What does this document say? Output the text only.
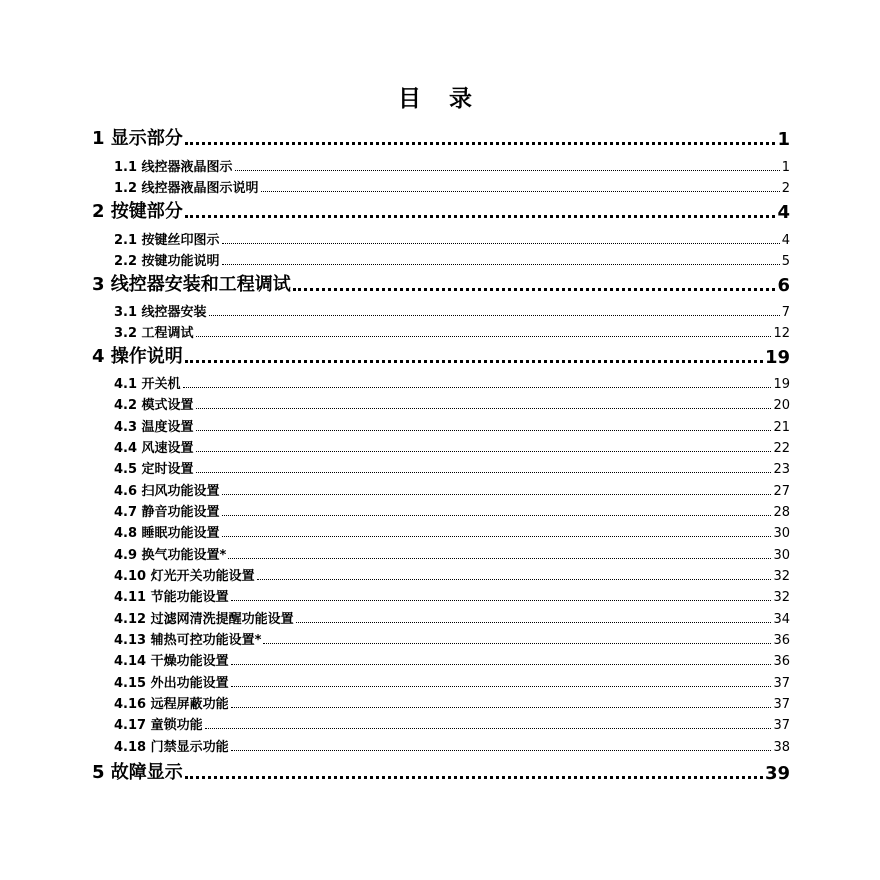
目 录
1 显示部分	1
1.1 线控器液晶图示	1
1.2 线控器液晶图示说明	2
2 按键部分	4
2.1 按键丝印图示	4
2.2 按键功能说明	5
3 线控器安装和工程调试	6
3.1 线控器安装	7
3.2 工程调试	12
4 操作说明	19
4.1 开关机	19
4.2 模式设置	20
4.3 温度设置	21
4.4 风速设置	22
4.5 定时设置	23
4.6 扫风功能设置	27
4.7 静音功能设置	28
4.8 睡眠功能设置	30
4.9 换气功能设置*	30
4.10 灯光开关功能设置	32
4.11 节能功能设置	32
4.12 过滤网清洗提醒功能设置	34
4.13 辅热可控功能设置*	36
4.14 干燥功能设置	36
4.15 外出功能设置	37
4.16 远程屏蔽功能	37
4.17 童锁功能	37
4.18 门禁显示功能	38
5 故障显示	39
